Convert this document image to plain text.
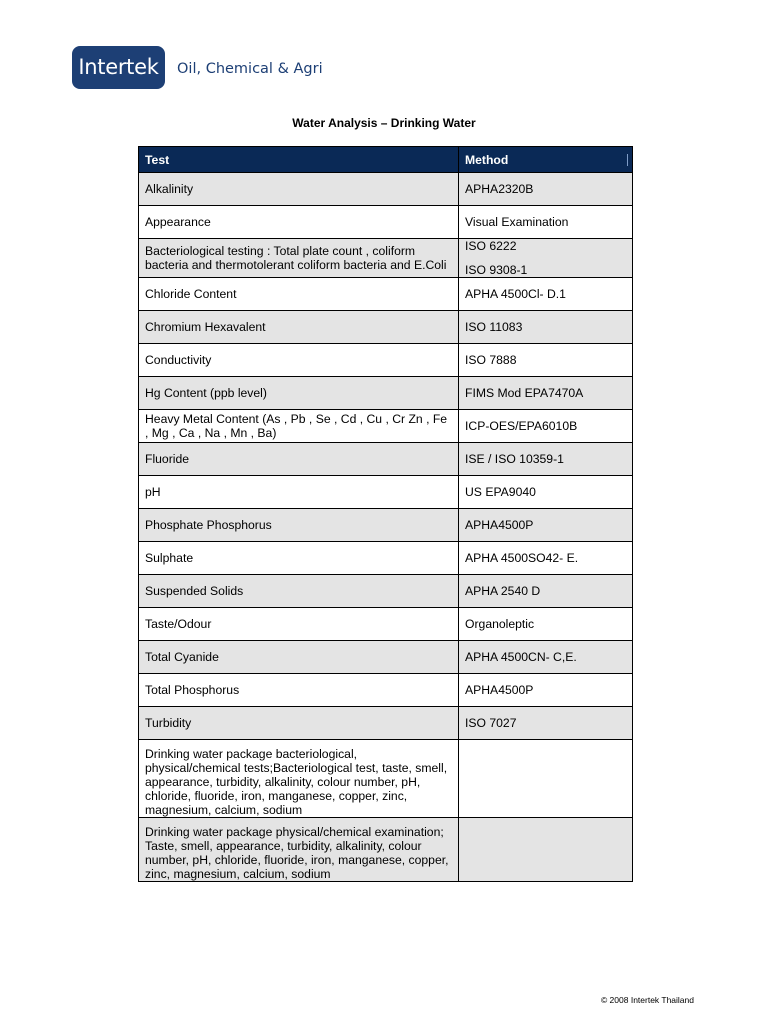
Intertek Oil, Chemical & Agri
Water Analysis – Drinking Water
Test	Method

Alkalinity	APHA2320B
Appearance	Visual Examination
Bacteriological testing : Total plate count , coliform bacteria and thermotolerant coliform bacteria and E.Coli	ISO 6222
ISO 9308-1

Chloride Content	APHA 4500Cl- D.1
Chromium Hexavalent	ISO 11083
Conductivity	ISO 7888
Hg Content (ppb level)	FIMS Mod EPA7470A
Heavy Metal Content (As , Pb , Se , Cd , Cu , Cr Zn , Fe , Mg , Ca , Na , Mn , Ba)	ICP-OES/EPA6010B
Fluoride	ISE / ISO 10359-1
pH	US EPA9040
Phosphate Phosphorus	APHA4500P
Sulphate	APHA 4500SO42- E.
Suspended Solids	APHA 2540 D
Taste/Odour	Organoleptic
Total Cyanide	APHA 4500CN- C,E.
Total Phosphorus	APHA4500P
Turbidity	ISO 7027
Drinking water package bacteriological, physical/chemical tests;Bacteriological test, taste, smell, appearance, turbidity, alkalinity, colour number, pH, chloride, fluoride, iron, manganese, copper, zinc, magnesium, calcium, sodium	
Drinking water package physical/chemical examination; Taste, smell, appearance, turbidity, alkalinity, colour number, pH, chloride, fluoride, iron, manganese, copper, zinc, magnesium, calcium, sodium	
© 2008 Intertek Thailand
